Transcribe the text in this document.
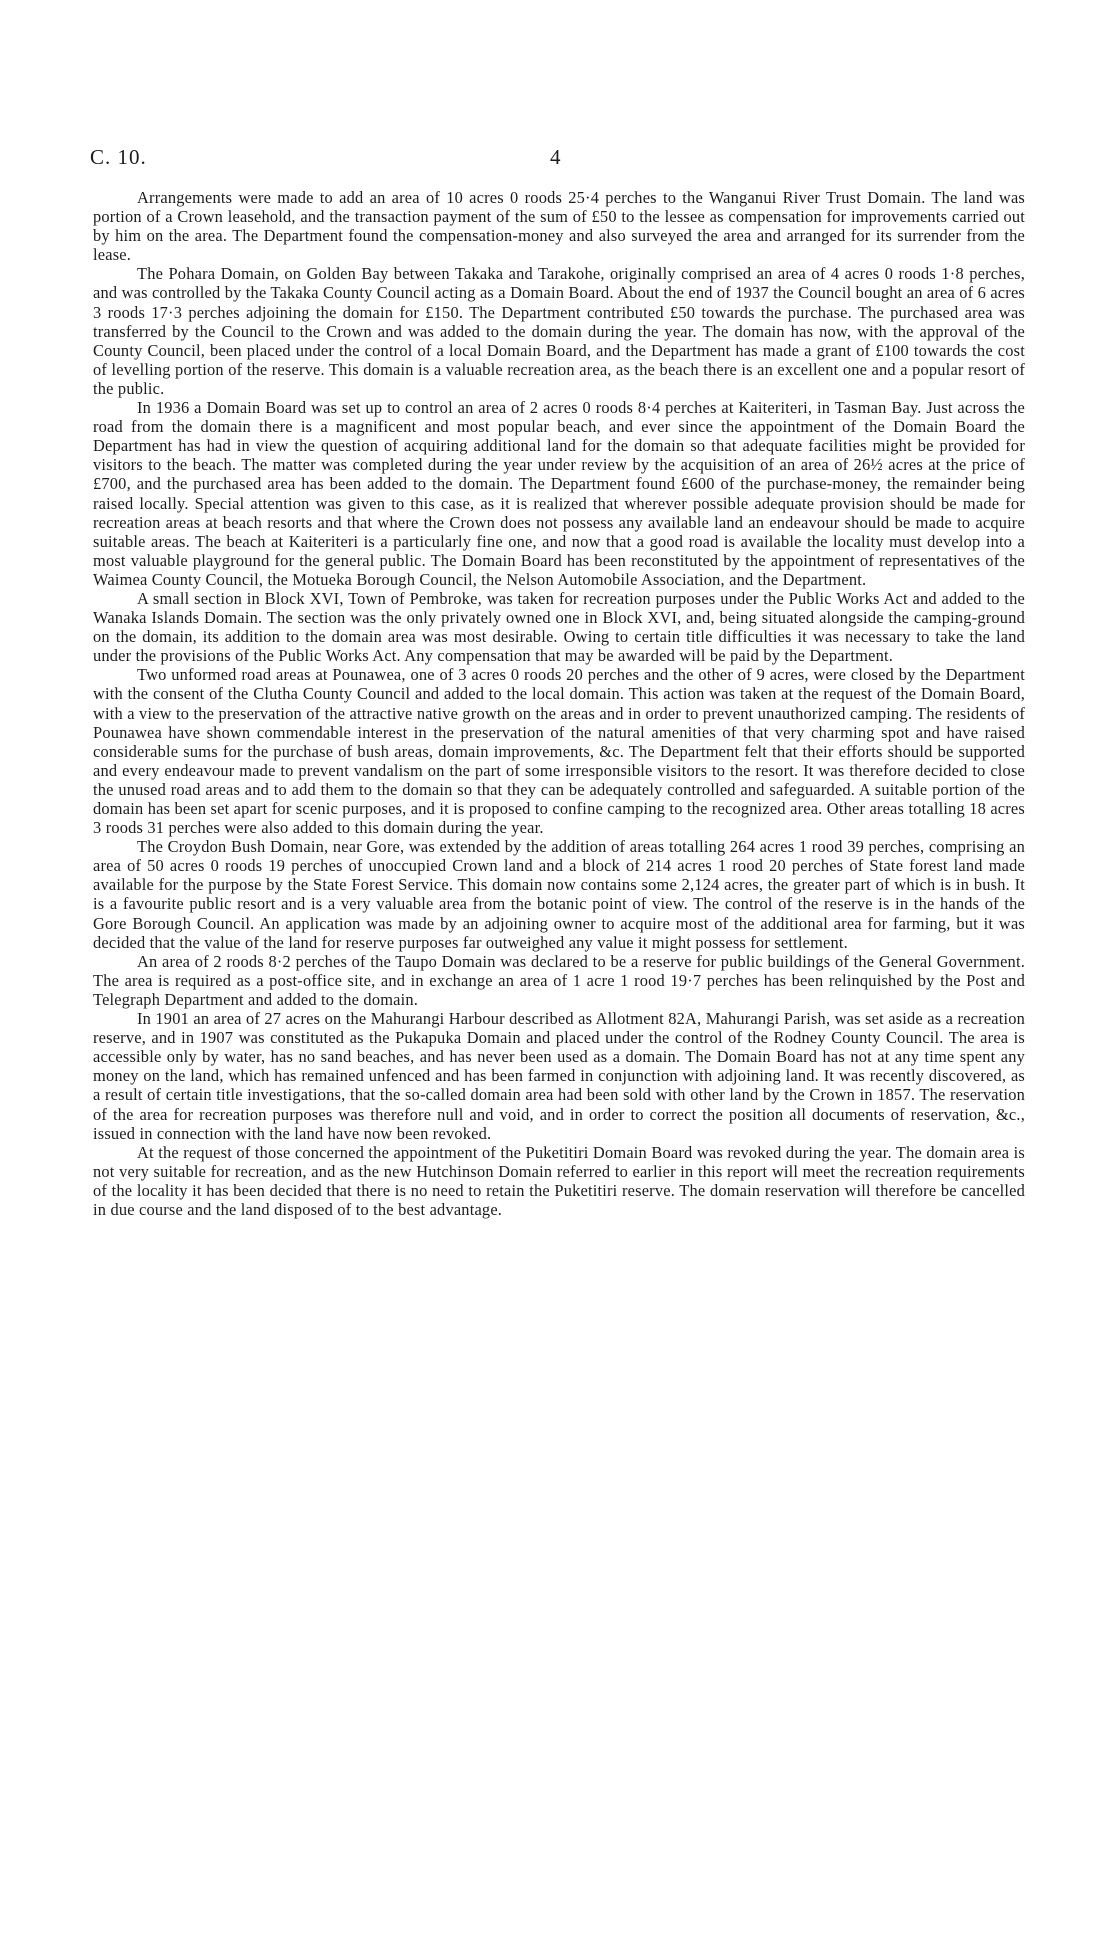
C. 10.	4

Arrangements were made to add an area of 10 acres 0 roods 25·4 perches to the Wanganui River Trust Domain. The land was portion of a Crown leasehold, and the transaction payment of the sum of £50 to the lessee as compensation for improvements carried out by him on the area. The Department found the compensation-money and also surveyed the area and arranged for its surrender from the lease.

The Pohara Domain, on Golden Bay between Takaka and Tarakohe, originally comprised an area of 4 acres 0 roods 1·8 perches, and was controlled by the Takaka County Council acting as a Domain Board. About the end of 1937 the Council bought an area of 6 acres 3 roods 17·3 perches adjoining the domain for £150. The Department contributed £50 towards the purchase. The purchased area was transferred by the Council to the Crown and was added to the domain during the year. The domain has now, with the approval of the County Council, been placed under the control of a local Domain Board, and the Department has made a grant of £100 towards the cost of levelling portion of the reserve. This domain is a valuable recreation area, as the beach there is an excellent one and a popular resort of the public.

In 1936 a Domain Board was set up to control an area of 2 acres 0 roods 8·4 perches at Kaiteriteri, in Tasman Bay. Just across the road from the domain there is a magnificent and most popular beach, and ever since the appointment of the Domain Board the Department has had in view the question of acquiring additional land for the domain so that adequate facilities might be provided for visitors to the beach. The matter was completed during the year under review by the acquisition of an area of 26½ acres at the price of £700, and the purchased area has been added to the domain. The Department found £600 of the purchase-money, the remainder being raised locally. Special attention was given to this case, as it is realized that wherever possible adequate provision should be made for recreation areas at beach resorts and that where the Crown does not possess any available land an endeavour should be made to acquire suitable areas. The beach at Kaiteriteri is a particularly fine one, and now that a good road is available the locality must develop into a most valuable playground for the general public. The Domain Board has been reconstituted by the appointment of representatives of the Waimea County Council, the Motueka Borough Council, the Nelson Automobile Association, and the Department.

A small section in Block XVI, Town of Pembroke, was taken for recreation purposes under the Public Works Act and added to the Wanaka Islands Domain. The section was the only privately owned one in Block XVI, and, being situated alongside the camping-ground on the domain, its addition to the domain area was most desirable. Owing to certain title difficulties it was necessary to take the land under the provisions of the Public Works Act. Any compensation that may be awarded will be paid by the Department.

Two unformed road areas at Pounawea, one of 3 acres 0 roods 20 perches and the other of 9 acres, were closed by the Department with the consent of the Clutha County Council and added to the local domain. This action was taken at the request of the Domain Board, with a view to the preservation of the attractive native growth on the areas and in order to prevent unauthorized camping. The residents of Pounawea have shown commendable interest in the preservation of the natural amenities of that very charming spot and have raised considerable sums for the purchase of bush areas, domain improvements, &c. The Department felt that their efforts should be supported and every endeavour made to prevent vandalism on the part of some irresponsible visitors to the resort. It was therefore decided to close the unused road areas and to add them to the domain so that they can be adequately controlled and safeguarded. A suitable portion of the domain has been set apart for scenic purposes, and it is proposed to confine camping to the recognized area. Other areas totalling 18 acres 3 roods 31 perches were also added to this domain during the year.

The Croydon Bush Domain, near Gore, was extended by the addition of areas totalling 264 acres 1 rood 39 perches, comprising an area of 50 acres 0 roods 19 perches of unoccupied Crown land and a block of 214 acres 1 rood 20 perches of State forest land made available for the purpose by the State Forest Service. This domain now contains some 2,124 acres, the greater part of which is in bush. It is a favourite public resort and is a very valuable area from the botanic point of view. The control of the reserve is in the hands of the Gore Borough Council. An application was made by an adjoining owner to acquire most of the additional area for farming, but it was decided that the value of the land for reserve purposes far outweighed any value it might possess for settlement.

An area of 2 roods 8·2 perches of the Taupo Domain was declared to be a reserve for public buildings of the General Government. The area is required as a post-office site, and in exchange an area of 1 acre 1 rood 19·7 perches has been relinquished by the Post and Telegraph Department and added to the domain.

In 1901 an area of 27 acres on the Mahurangi Harbour described as Allotment 82A, Mahurangi Parish, was set aside as a recreation reserve, and in 1907 was constituted as the Pukapuka Domain and placed under the control of the Rodney County Council. The area is accessible only by water, has no sand beaches, and has never been used as a domain. The Domain Board has not at any time spent any money on the land, which has remained unfenced and has been farmed in conjunction with adjoining land. It was recently discovered, as a result of certain title investigations, that the so-called domain area had been sold with other land by the Crown in 1857. The reservation of the area for recreation purposes was therefore null and void, and in order to correct the position all documents of reservation, &c., issued in connection with the land have now been revoked.

At the request of those concerned the appointment of the Puketitiri Domain Board was revoked during the year. The domain area is not very suitable for recreation, and as the new Hutchinson Domain referred to earlier in this report will meet the recreation requirements of the locality it has been decided that there is no need to retain the Puketitiri reserve. The domain reservation will therefore be cancelled in due course and the land disposed of to the best advantage.
